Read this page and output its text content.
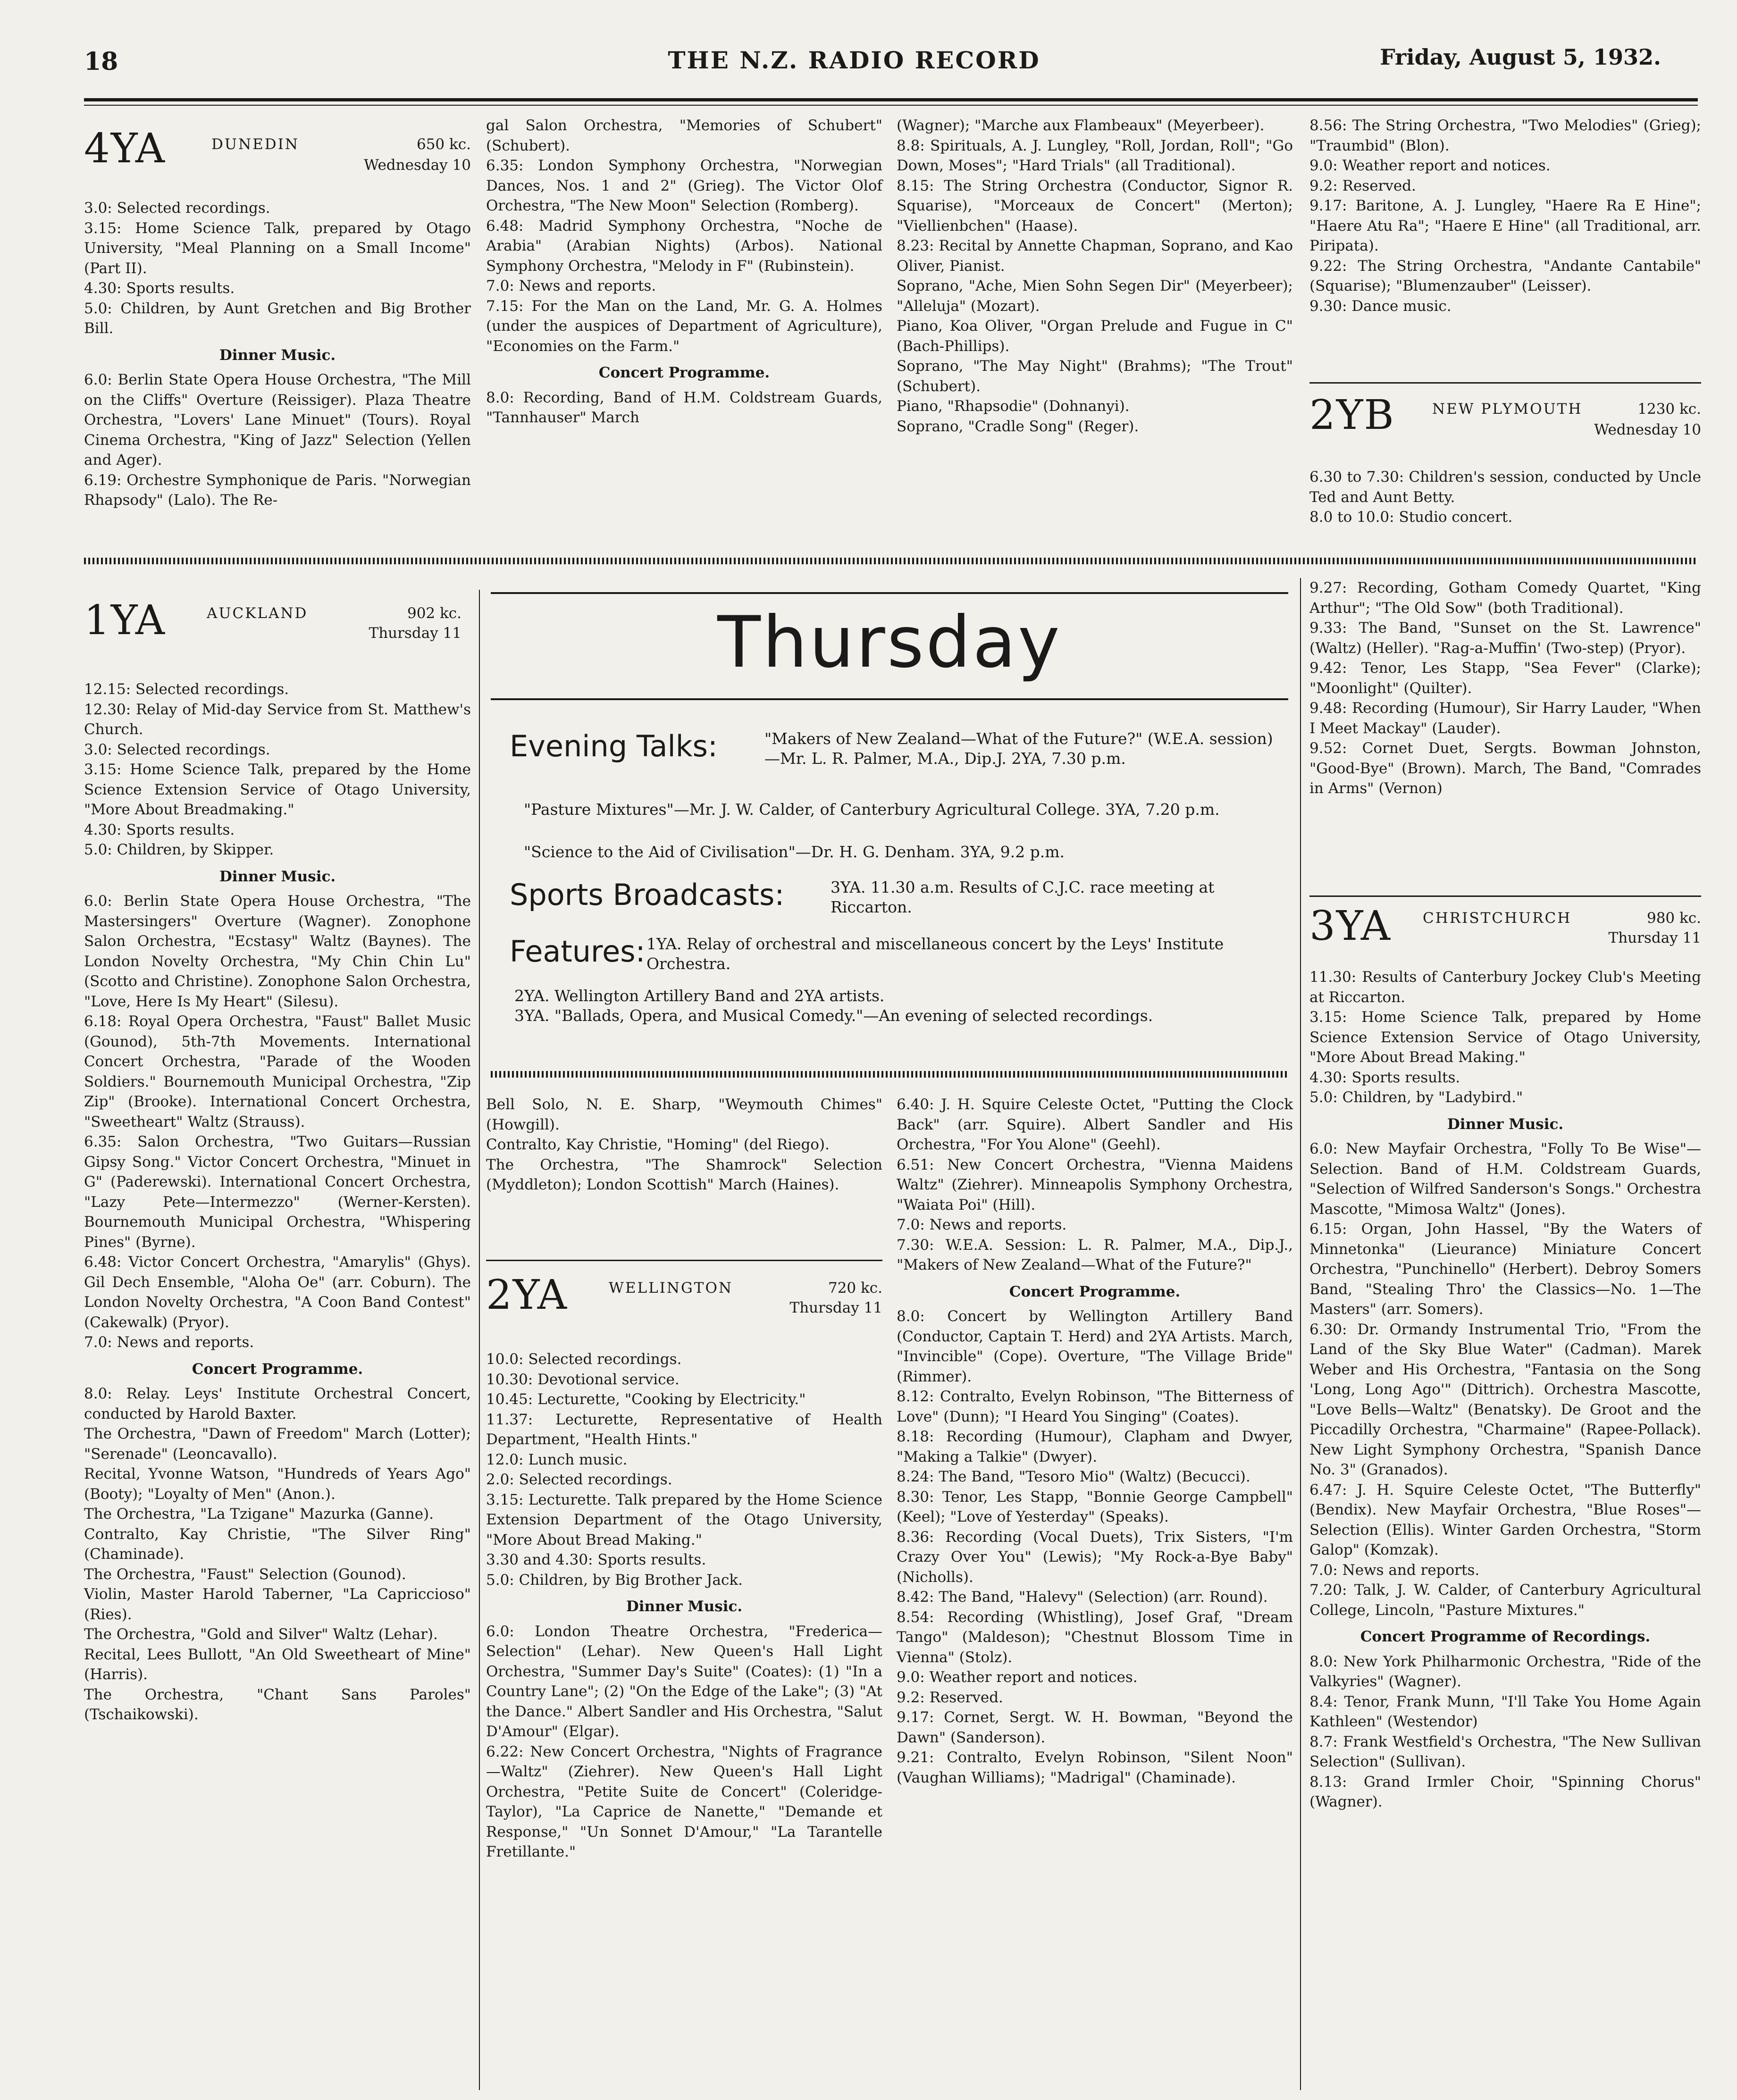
18	THE N.Z. RADIO RECORD	Friday, August 5, 1932.
4YA	DUNEDIN	650 kc.
Wednesday 10

3.0: Selected recordings.

3.15: Home Science Talk, prepared by Otago University, "Meal Planning on a Small Income" (Part II).

4.30: Sports results.

5.0: Children, by Aunt Gretchen and Big Brother Bill.

Dinner Music.

6.0: Berlin State Opera House Orchestra, "The Mill on the Cliffs" Overture (Reissiger). Plaza Theatre Orchestra, "Lovers' Lane Minuet" (Tours). Royal Cinema Orchestra, "King of Jazz" Selection (Yellen and Ager).

6.19: Orchestre Symphonique de Paris. "Norwegian Rhapsody" (Lalo). The Re-

gal Salon Orchestra, "Memories of Schubert" (Schubert).

6.35: London Symphony Orchestra, "Norwegian Dances, Nos. 1 and 2" (Grieg). The Victor Olof Orchestra, "The New Moon" Selection (Romberg).

6.48: Madrid Symphony Orchestra, "Noche de Arabia" (Arabian Nights) (Arbos). National Symphony Orchestra, "Melody in F" (Rubinstein).

7.0: News and reports.

7.15: For the Man on the Land, Mr. G. A. Holmes (under the auspices of Department of Agriculture), "Economies on the Farm."

Concert Programme.

8.0: Recording, Band of H.M. Coldstream Guards, "Tannhauser" March

(Wagner); "Marche aux Flambeaux" (Meyerbeer).

8.8: Spirituals, A. J. Lungley, "Roll, Jordan, Roll"; "Go Down, Moses"; "Hard Trials" (all Traditional).

8.15: The String Orchestra (Conductor, Signor R. Squarise), "Morceaux de Concert" (Merton); "Viellienbchen" (Haase).

8.23: Recital by Annette Chapman, Soprano, and Kao Oliver, Pianist.

Soprano, "Ache, Mien Sohn Segen Dir" (Meyerbeer); "Alleluja" (Mozart).

Piano, Koa Oliver, "Organ Prelude and Fugue in C" (Bach-Phillips).

Soprano, "The May Night" (Brahms); "The Trout" (Schubert).

Piano, "Rhapsodie" (Dohnanyi).

Soprano, "Cradle Song" (Reger).

8.56: The String Orchestra, "Two Melodies" (Grieg); "Traumbid" (Blon).

9.0: Weather report and notices.

9.2: Reserved.

9.17: Baritone, A. J. Lungley, "Haere Ra E Hine"; "Haere Atu Ra"; "Haere E Hine" (all Traditional, arr. Piripata).

9.22: The String Orchestra, "Andante Cantabile" (Squarise); "Blumenzauber" (Leisser).

9.30: Dance music.

2YB	NEW PLYMOUTH	1230 kc.
Wednesday 10

6.30 to 7.30: Children's session, conducted by Uncle Ted and Aunt Betty.

8.0 to 10.0: Studio concert.

1YA	AUCKLAND	902 kc.
Thursday 11

12.15: Selected recordings.

12.30: Relay of Mid-day Service from St. Matthew's Church.

3.0: Selected recordings.

3.15: Home Science Talk, prepared by the Home Science Extension Service of Otago University, "More About Breadmaking."

4.30: Sports results.

5.0: Children, by Skipper.

Dinner Music.

6.0: Berlin State Opera House Orchestra, "The Mastersingers" Overture (Wagner). Zonophone Salon Orchestra, "Ecstasy" Waltz (Baynes). The London Novelty Orchestra, "My Chin Chin Lu" (Scotto and Christine). Zonophone Salon Orchestra, "Love, Here Is My Heart" (Silesu).

6.18: Royal Opera Orchestra, "Faust" Ballet Music (Gounod), 5th-7th Movements. International Concert Orchestra, "Parade of the Wooden Soldiers." Bournemouth Municipal Orchestra, "Zip Zip" (Brooke). International Concert Orchestra, "Sweetheart" Waltz (Strauss).

6.35: Salon Orchestra, "Two Guitars—Russian Gipsy Song." Victor Concert Orchestra, "Minuet in G" (Paderewski). International Concert Orchestra, "Lazy Pete—Intermezzo" (Werner-Kersten). Bournemouth Municipal Orchestra, "Whispering Pines" (Byrne).

6.48: Victor Concert Orchestra, "Amarylis" (Ghys). Gil Dech Ensemble, "Aloha Oe" (arr. Coburn). The London Novelty Orchestra, "A Coon Band Contest" (Cakewalk) (Pryor).

7.0: News and reports.

Concert Programme.

8.0: Relay. Leys' Institute Orchestral Concert, conducted by Harold Baxter.

The Orchestra, "Dawn of Freedom" March (Lotter); "Serenade" (Leoncavallo).

Recital, Yvonne Watson, "Hundreds of Years Ago" (Booty); "Loyalty of Men" (Anon.).

The Orchestra, "La Tzigane" Mazurka (Ganne).

Contralto, Kay Christie, "The Silver Ring" (Chaminade).

The Orchestra, "Faust" Selection (Gounod).

Violin, Master Harold Taberner, "La Capriccioso" (Ries).

The Orchestra, "Gold and Silver" Waltz (Lehar).

Recital, Lees Bullott, "An Old Sweetheart of Mine" (Harris).

The Orchestra, "Chant Sans Paroles" (Tschaikowski).

Thursday
Evening Talks:	"Makers of New Zealand—What of the Future?" (W.E.A. session)—Mr. L. R. Palmer, M.A., Dip.J. 2YA, 7.30 p.m.
"Pasture Mixtures"—Mr. J. W. Calder, of Canterbury Agricultural College. 3YA, 7.20 p.m.
"Science to the Aid of Civilisation"—Dr. H. G. Denham. 3YA, 9.2 p.m.
Sports Broadcasts:	3YA. 11.30 a.m. Results of C.J.C. race meeting at Riccarton.
Features: 1YA. Relay of orchestral and miscellaneous concert by the Leys' Institute Orchestra.
2YA. Wellington Artillery Band and 2YA artists.
3YA. "Ballads, Opera, and Musical Comedy."—An evening of selected recordings.

Bell Solo, N. E. Sharp, "Weymouth Chimes" (Howgill).

Contralto, Kay Christie, "Homing" (del Riego).

The Orchestra, "The Shamrock" Selection (Myddleton); London Scottish" March (Haines).

2YA	WELLINGTON	720 kc.
Thursday 11

10.0: Selected recordings.

10.30: Devotional service.

10.45: Lecturette, "Cooking by Electricity."

11.37: Lecturette, Representative of Health Department, "Health Hints."

12.0: Lunch music.

2.0: Selected recordings.

3.15: Lecturette. Talk prepared by the Home Science Extension Department of the Otago University, "More About Bread Making."

3.30 and 4.30: Sports results.

5.0: Children, by Big Brother Jack.

Dinner Music.

6.0: London Theatre Orchestra, "Frederica—Selection" (Lehar). New Queen's Hall Light Orchestra, "Summer Day's Suite" (Coates): (1) "In a Country Lane"; (2) "On the Edge of the Lake"; (3) "At the Dance." Albert Sandler and His Orchestra, "Salut D'Amour" (Elgar).

6.22: New Concert Orchestra, "Nights of Fragrance—Waltz" (Ziehrer). New Queen's Hall Light Orchestra, "Petite Suite de Concert" (Coleridge-Taylor), "La Caprice de Nanette," "Demande et Response," "Un Sonnet D'Amour," "La Tarantelle Fretillante."

6.40: J. H. Squire Celeste Octet, "Putting the Clock Back" (arr. Squire). Albert Sandler and His Orchestra, "For You Alone" (Geehl).

6.51: New Concert Orchestra, "Vienna Maidens Waltz" (Ziehrer). Minneapolis Symphony Orchestra, "Waiata Poi" (Hill).

7.0: News and reports.

7.30: W.E.A. Session: L. R. Palmer, M.A., Dip.J., "Makers of New Zealand—What of the Future?"

Concert Programme.

8.0: Concert by Wellington Artillery Band (Conductor, Captain T. Herd) and 2YA Artists. March, "Invincible" (Cope). Overture, "The Village Bride" (Rimmer).

8.12: Contralto, Evelyn Robinson, "The Bitterness of Love" (Dunn); "I Heard You Singing" (Coates).

8.18: Recording (Humour), Clapham and Dwyer, "Making a Talkie" (Dwyer).

8.24: The Band, "Tesoro Mio" (Waltz) (Becucci).

8.30: Tenor, Les Stapp, "Bonnie George Campbell" (Keel); "Love of Yesterday" (Speaks).

8.36: Recording (Vocal Duets), Trix Sisters, "I'm Crazy Over You" (Lewis); "My Rock-a-Bye Baby" (Nicholls).

8.42: The Band, "Halevy" (Selection) (arr. Round).

8.54: Recording (Whistling), Josef Graf, "Dream Tango" (Maldeson); "Chestnut Blossom Time in Vienna" (Stolz).

9.0: Weather report and notices.

9.2: Reserved.

9.17: Cornet, Sergt. W. H. Bowman, "Beyond the Dawn" (Sanderson).

9.21: Contralto, Evelyn Robinson, "Silent Noon" (Vaughan Williams); "Madrigal" (Chaminade).

9.27: Recording, Gotham Comedy Quartet, "King Arthur"; "The Old Sow" (both Traditional).

9.33: The Band, "Sunset on the St. Lawrence" (Waltz) (Heller). "Rag-a-Muffin' (Two-step) (Pryor).

9.42: Tenor, Les Stapp, "Sea Fever" (Clarke); "Moonlight" (Quilter).

9.48: Recording (Humour), Sir Harry Lauder, "When I Meet Mackay" (Lauder).

9.52: Cornet Duet, Sergts. Bowman Johnston, "Good-Bye" (Brown). March, The Band, "Comrades in Arms" (Vernon)

3YA CHRISTCHURCH	980 kc.
Thursday 11

11.30: Results of Canterbury Jockey Club's Meeting at Riccarton.

3.15: Home Science Talk, prepared by Home Science Extension Service of Otago University, "More About Bread Making."

4.30: Sports results.

5.0: Children, by "Ladybird."

Dinner Music.

6.0: New Mayfair Orchestra, "Folly To Be Wise"—Selection. Band of H.M. Coldstream Guards, "Selection of Wilfred Sanderson's Songs." Orchestra Mascotte, "Mimosa Waltz" (Jones).

6.15: Organ, John Hassel, "By the Waters of Minnetonka" (Lieurance) Miniature Concert Orchestra, "Punchinello" (Herbert). Debroy Somers Band, "Stealing Thro' the Classics—No. 1—The Masters" (arr. Somers).

6.30: Dr. Ormandy Instrumental Trio, "From the Land of the Sky Blue Water" (Cadman). Marek Weber and His Orchestra, "Fantasia on the Song 'Long, Long Ago'" (Dittrich). Orchestra Mascotte, "Love Bells—Waltz" (Benatsky). De Groot and the Piccadilly Orchestra, "Charmaine" (Rapee-Pollack). New Light Symphony Orchestra, "Spanish Dance No. 3" (Granados).

6.47: J. H. Squire Celeste Octet, "The Butterfly" (Bendix). New Mayfair Orchestra, "Blue Roses"—Selection (Ellis). Winter Garden Orchestra, "Storm Galop" (Komzak).

7.0: News and reports.

7.20: Talk, J. W. Calder, of Canterbury Agricultural College, Lincoln, "Pasture Mixtures."

Concert Programme of Recordings.

8.0: New York Philharmonic Orchestra, "Ride of the Valkyries" (Wagner).

8.4: Tenor, Frank Munn, "I'll Take You Home Again Kathleen" (Westendor)

8.7: Frank Westfield's Orchestra, "The New Sullivan Selection" (Sullivan).

8.13: Grand Irmler Choir, "Spinning Chorus" (Wagner).
